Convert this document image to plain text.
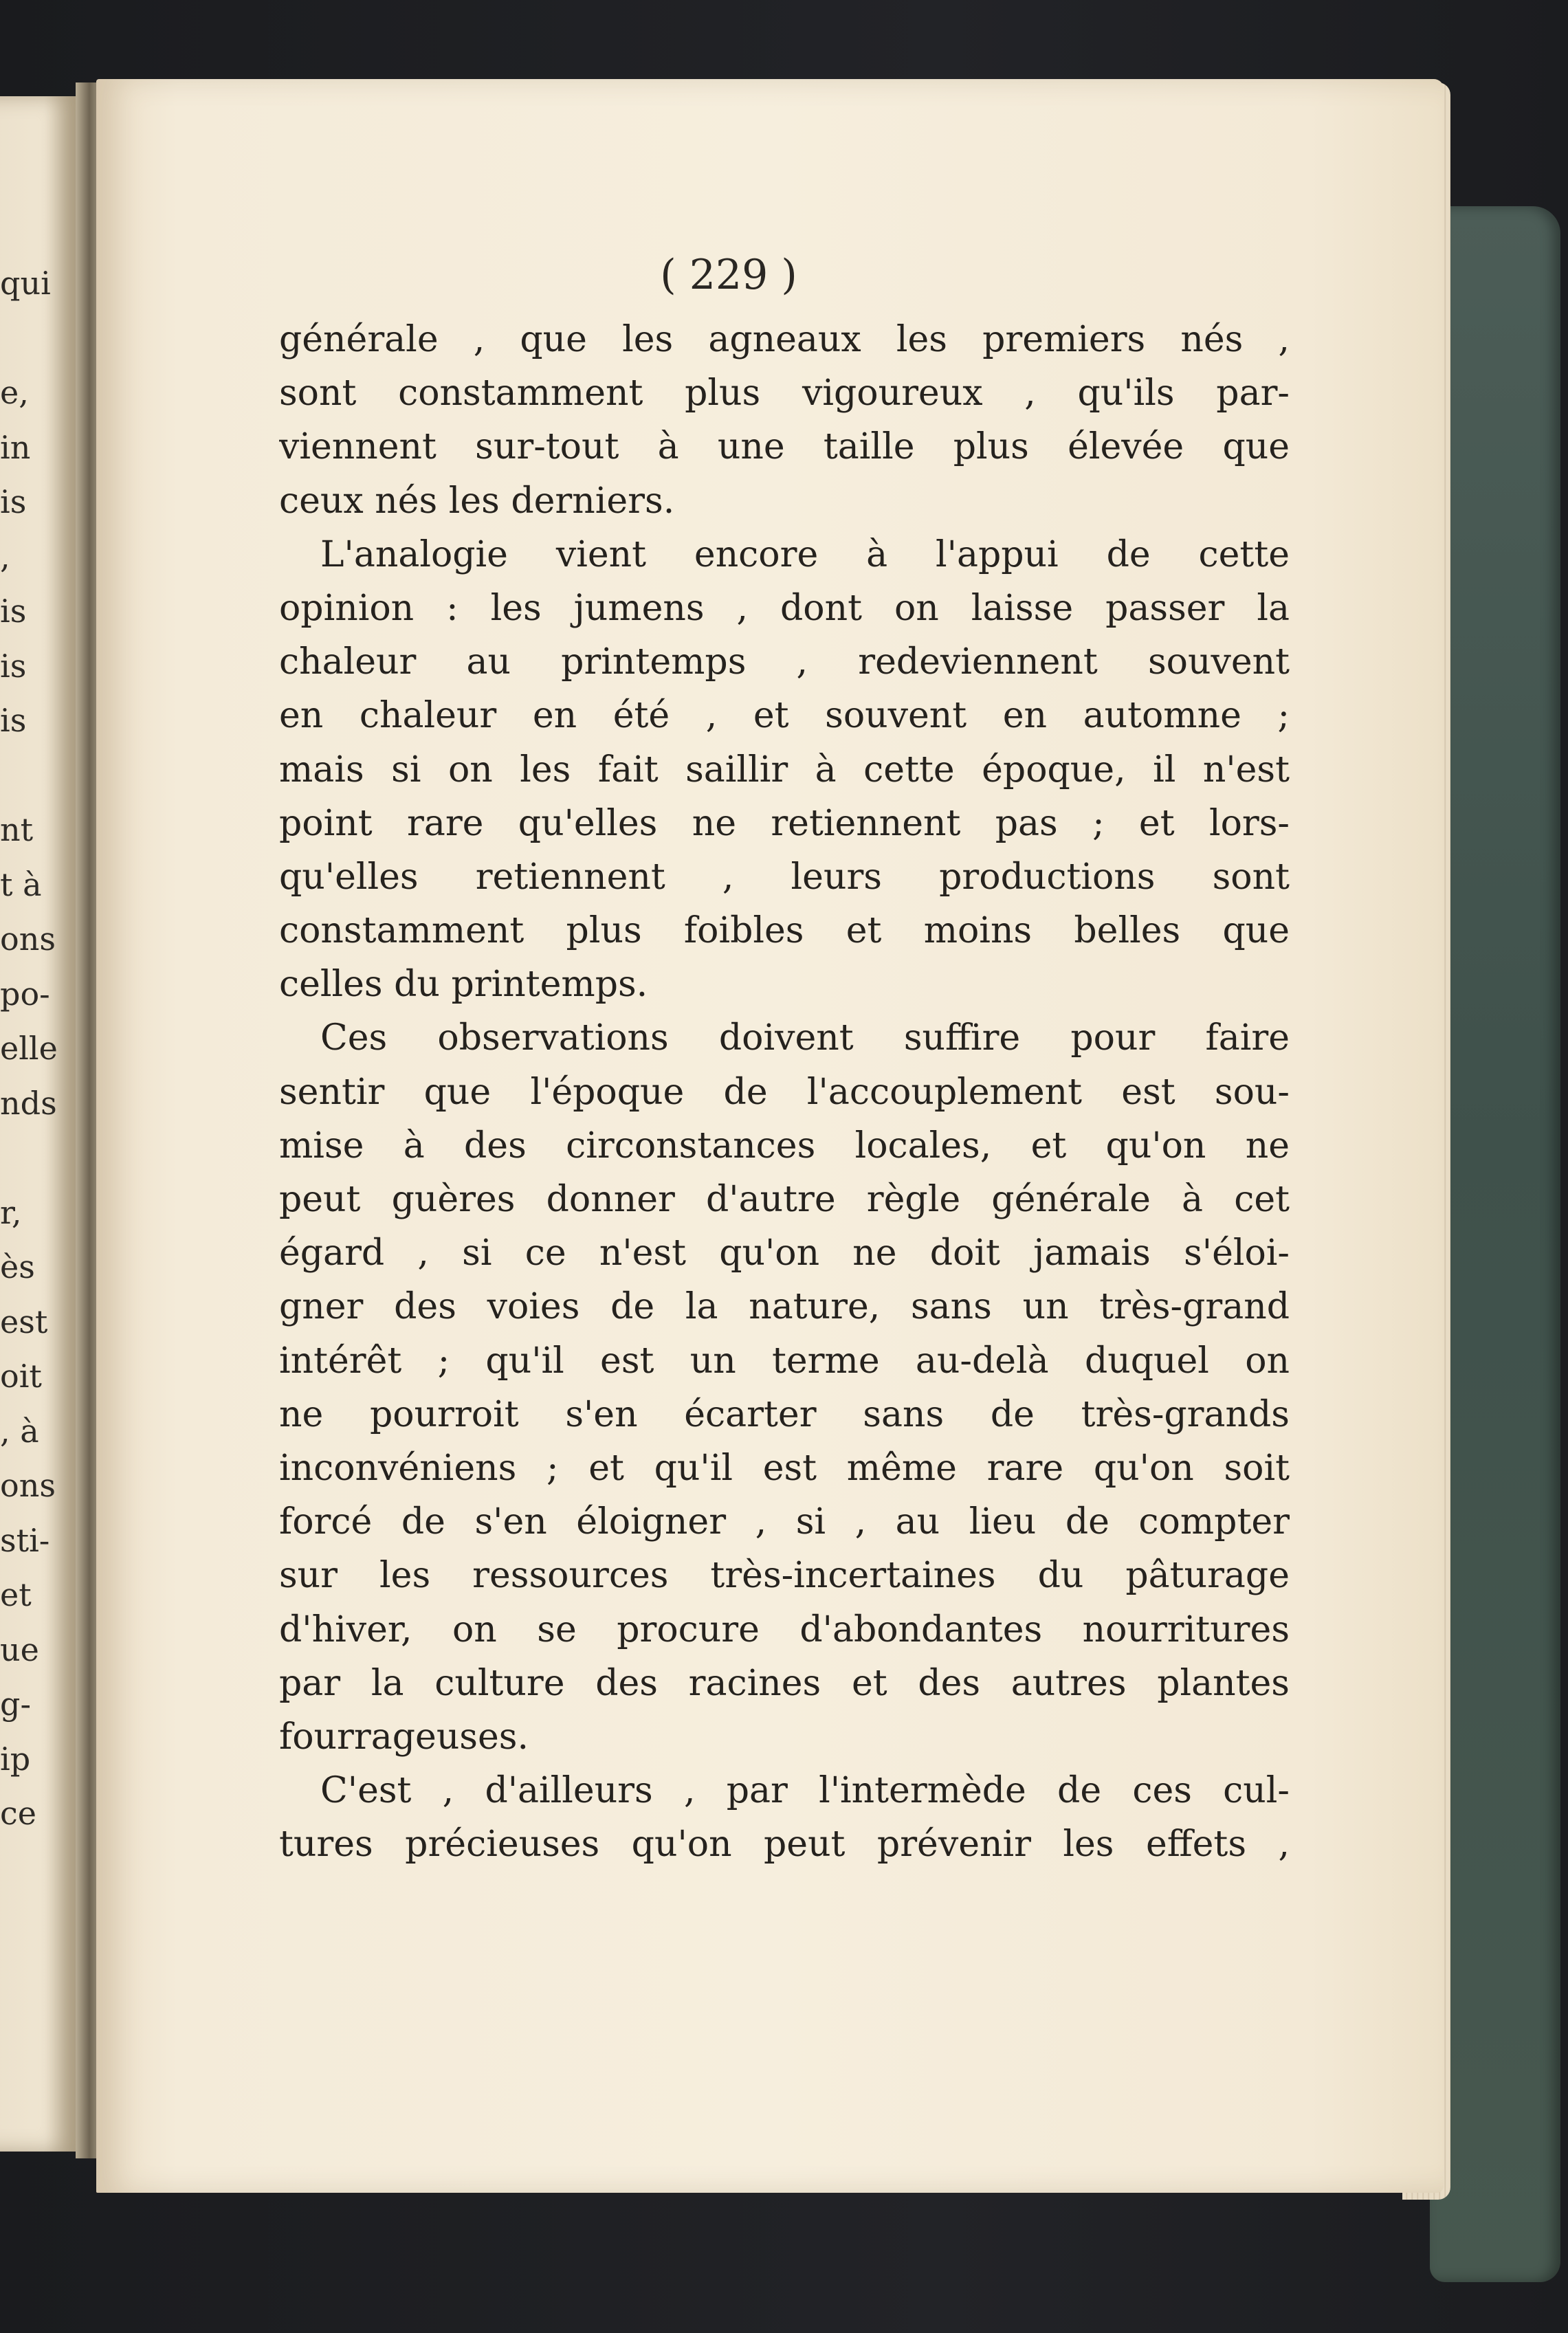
qui
e,
in
is
,
is
is
is
nt
t à
ons
po-
elle
nds
r,
ès
est
oit
, à
ons
sti-
et
ue
g-
ip
ce
( 229 )
générale , que les agneaux les premiers nés ,
sont constamment plus vigoureux , qu'ils par-
viennent sur-tout à une taille plus élevée que
ceux nés les derniers.
L'analogie vient encore à l'appui de cette
opinion : les jumens , dont on laisse passer la
chaleur au printemps , redeviennent souvent
en chaleur en été , et souvent en automne ;
mais si on les fait saillir à cette époque, il n'est
point rare qu'elles ne retiennent pas ; et lors-
qu'elles retiennent , leurs productions sont
constamment plus foibles et moins belles que
celles du printemps.
Ces observations doivent suffire pour faire
sentir que l'époque de l'accouplement est sou-
mise à des circonstances locales, et qu'on ne
peut guères donner d'autre règle générale à cet
égard , si ce n'est qu'on ne doit jamais s'éloi-
gner des voies de la nature, sans un très-grand
intérêt ; qu'il est un terme au-delà duquel on
ne pourroit s'en écarter sans de très-grands
inconvéniens ; et qu'il est même rare qu'on soit
forcé de s'en éloigner , si , au lieu de compter
sur les ressources très-incertaines du pâturage
d'hiver, on se procure d'abondantes nourritures
par la culture des racines et des autres plantes
fourrageuses.
C'est , d'ailleurs , par l'intermède de ces cul-
tures précieuses qu'on peut prévenir les effets ,
